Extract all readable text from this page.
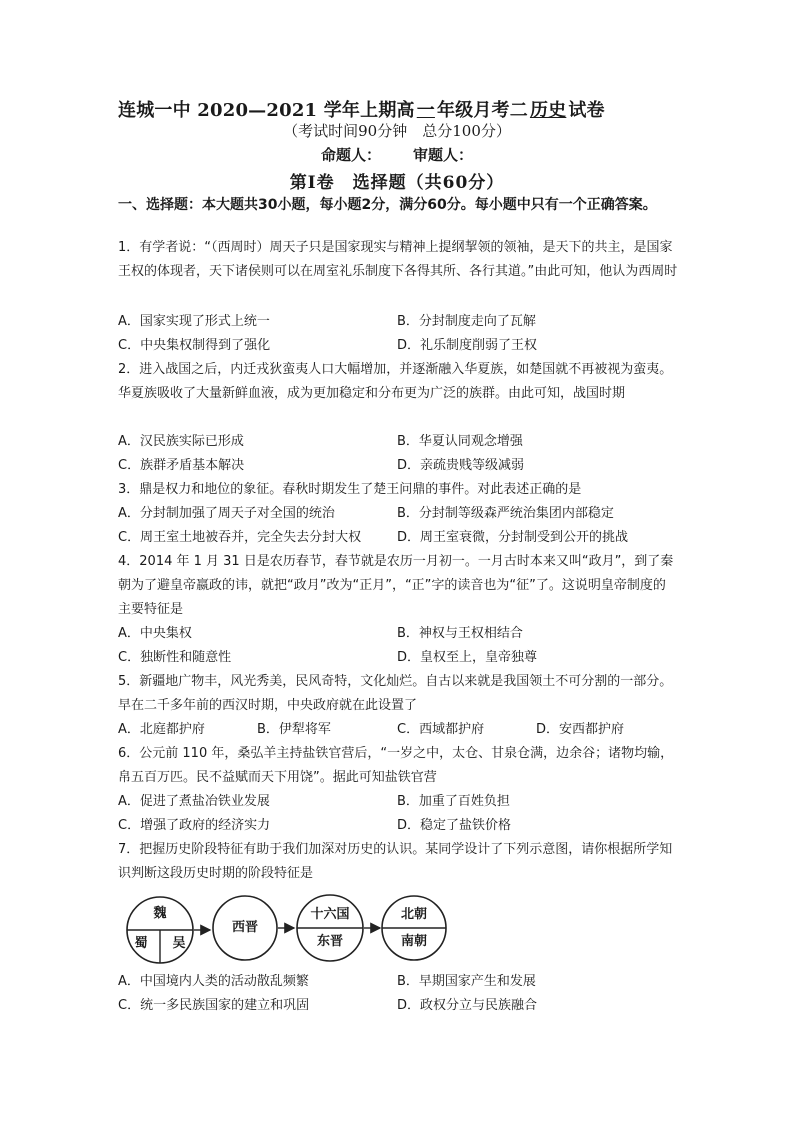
连城一中 2020—2021 学年上期高 一 年级月考二 历史 试卷
（考试时间90分钟　总分100分）
命题人： 审题人：
第Ⅰ卷　选择题（共60分）
一、选择题：本大题共30小题，每小题2分，满分60分。每小题中只有一个正确答案。
1．有学者说：“（西周时）周天子只是国家现实与精神上提纲挈领的领袖，是天下的共主，是国家王权的体现者，天下诸侯则可以在周室礼乐制度下各得其所、各行其道。”由此可知，他认为西周时
A．国家实现了形式上统一	B．分封制度走向了瓦解
C．中央集权制得到了强化	D．礼乐制度削弱了王权
2．进入战国之后，内迁戎狄蛮夷人口大幅增加，并逐渐融入华夏族，如楚国就不再被视为蛮夷。华夏族吸收了大量新鲜血液，成为更加稳定和分布更为广泛的族群。由此可知，战国时期
A．汉民族实际已形成	B．华夏认同观念增强
C．族群矛盾基本解决	D．亲疏贵贱等级减弱
3．鼎是权力和地位的象征。春秋时期发生了楚王问鼎的事件。对此表述正确的是
A．分封制加强了周天子对全国的统治	B．分封制等级森严统治集团内部稳定
C．周王室土地被吞并，完全失去分封大权	D．周王室衰微，分封制受到公开的挑战
4．2014 年 1 月 31 日是农历春节，春节就是农历一月初一。一月古时本来又叫“政月”，到了秦朝为了避皇帝嬴政的讳，就把“政月”改为“正月”，“正”字的读音也为“征”了。这说明皇帝制度的主要特征是
A．中央集权	B．神权与王权相结合
C．独断性和随意性	D．皇权至上，皇帝独尊
5．新疆地广物丰，风光秀美，民风奇特，文化灿烂。自古以来就是我国领土不可分割的一部分。早在二千多年前的西汉时期，中央政府就在此设置了
A．北庭都护府	B．伊犁将军	C．西域都护府	D．安西都护府
6．公元前 110 年，桑弘羊主持盐铁官营后，“一岁之中，太仓、甘泉仓满，边余谷；诸物均输，帛五百万匹。民不益赋而天下用饶”。据此可知盐铁官营
A．促进了煮盐冶铁业发展	B．加重了百姓负担
C．增强了政府的经济实力	D．稳定了盐铁价格
7．把握历史阶段特征有助于我们加深对历史的认识。某同学设计了下列示意图，请你根据所学知识判断这段历史时期的阶段特征是
魏
蜀	吴
西晋
十六国
东晋
北朝
南朝
A．中国境内人类的活动散乱频繁	B．早期国家产生和发展
C．统一多民族国家的建立和巩固	D．政权分立与民族融合
